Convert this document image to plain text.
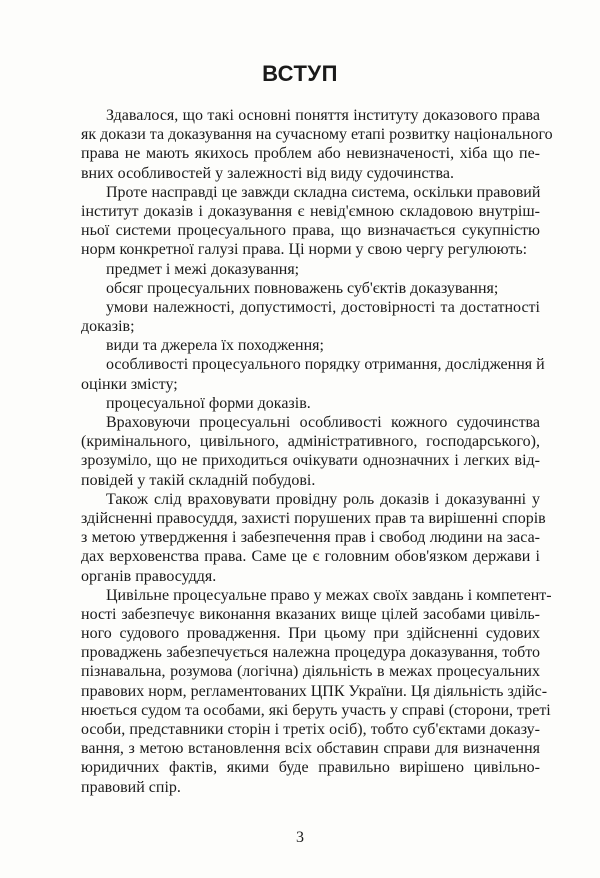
ВСТУП
Здавалося, що такі основні поняття інституту доказового права
як докази та доказування на сучасному етапі розвитку національного
права не мають якихось проблем або невизначеності, хіба що пе-
вних особливостей у залежності від виду судочинства.
Проте насправді це завжди складна система, оскільки правовий
інститут доказів і доказування є невід'ємною складовою внутріш-
ньої системи процесуального права, що визначається сукупністю
норм конкретної галузі права. Ці норми у свою чергу регулюють:
предмет і межі доказування;
обсяг процесуальних повноважень суб'єктів доказування;
умови належності, допустимості, достовірності та достатності
доказів;
види та джерела їх походження;
особливості процесуального порядку отримання, дослідження й
оцінки змісту;
процесуальної форми доказів.
Враховуючи процесуальні особливості кожного судочинства
(кримінального, цивільного, адміністративного, господарського),
зрозуміло, що не приходиться очікувати однозначних і легких від-
повідей у такій складній побудові.
Також слід враховувати провідну роль доказів і доказуванні у
здійсненні правосуддя, захисті порушених прав та вирішенні спорів
з метою утвердження і забезпечення прав і свобод людини на заса-
дах верховенства права. Саме це є головним обов'язком держави і
органів правосуддя.
Цивільне процесуальне право у межах своїх завдань і компетент-
ності забезпечує виконання вказаних вище цілей засобами цивіль-
ного судового провадження. При цьому при здійсненні судових
проваджень забезпечується належна процедура доказування, тобто
пізнавальна, розумова (логічна) діяльність в межах процесуальних
правових норм, регламентованих ЦПК України. Ця діяльність здійс-
нюється судом та особами, які беруть участь у справі (сторони, треті
особи, представники сторін і третіх осіб), тобто суб'єктами доказу-
вання, з метою встановлення всіх обставин справи для визначення
юридичних фактів, якими буде правильно вирішено цивільно-
правовий спір.
3
